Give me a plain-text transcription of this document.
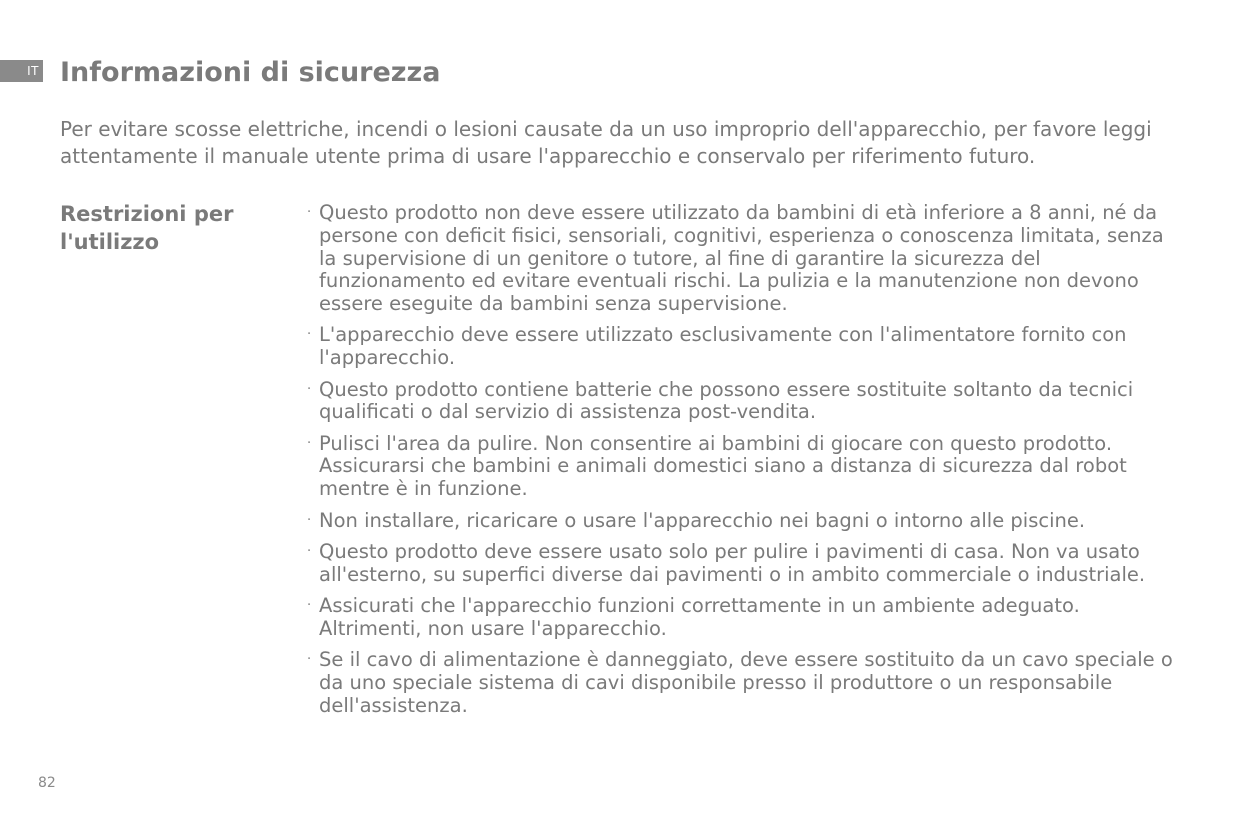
IT Informazioni di sicurezza

Per evitare scosse elettriche, incendi o lesioni causate da un uso improprio dell'apparecchio, per favore leggi attentamente il manuale utente prima di usare l'apparecchio e conservalo per riferimento futuro.

Restrizioni per l'utilizzo
· Questo prodotto non deve essere utilizzato da bambini di età inferiore a 8 anni, né da persone con deficit fisici, sensoriali, cognitivi, esperienza o conoscenza limitata, senza la supervisione di un genitore o tutore, al fine di garantire la sicurezza del funzionamento ed evitare eventuali rischi. La pulizia e la manutenzione non devono essere eseguite da bambini senza supervisione.
· L'apparecchio deve essere utilizzato esclusivamente con l'alimentatore fornito con l'apparecchio.
· Questo prodotto contiene batterie che possono essere sostituite soltanto da tecnici qualificati o dal servizio di assistenza post-vendita.
· Pulisci l'area da pulire. Non consentire ai bambini di giocare con questo prodotto. Assicurarsi che bambini e animali domestici siano a distanza di sicurezza dal robot mentre è in funzione.
· Non installare, ricaricare o usare l'apparecchio nei bagni o intorno alle piscine.
· Questo prodotto deve essere usato solo per pulire i pavimenti di casa. Non va usato all'esterno, su superfici diverse dai pavimenti o in ambito commerciale o industriale.
· Assicurati che l'apparecchio funzioni correttamente in un ambiente adeguato. Altrimenti, non usare l'apparecchio.
· Se il cavo di alimentazione è danneggiato, deve essere sostituito da un cavo speciale o da uno speciale sistema di cavi disponibile presso il produttore o un responsabile dell'assistenza.
82
